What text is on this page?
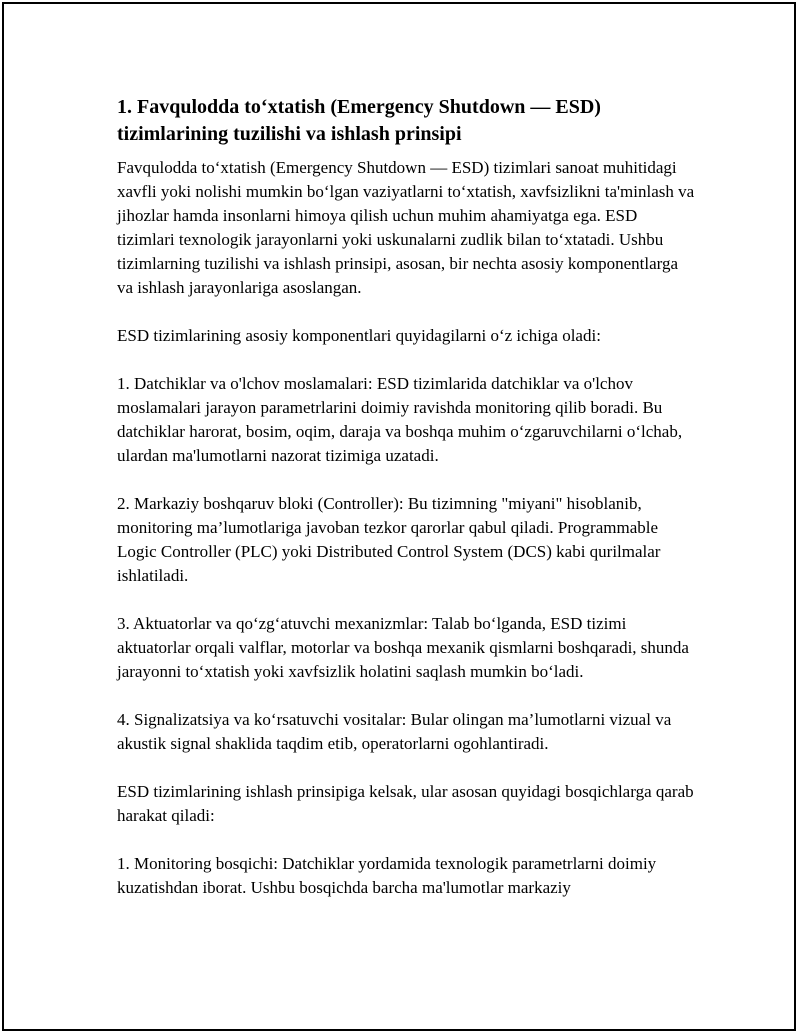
1. Favqulodda to‘xtatish (Emergency Shutdown — ESD) tizimlarining tuzilishi va ishlash prinsipi

Favqulodda to‘xtatish (Emergency Shutdown — ESD) tizimlari sanoat muhitidagi xavfli yoki nolishi mumkin bo‘lgan vaziyatlarni to‘xtatish, xavfsizlikni ta'minlash va jihozlar hamda insonlarni himoya qilish uchun muhim ahamiyatga ega. ESD tizimlari texnologik jarayonlarni yoki uskunalarni zudlik bilan to‘xtatadi. Ushbu tizimlarning tuzilishi va ishlash prinsipi, asosan, bir nechta asosiy komponentlarga va ishlash jarayonlariga asoslangan.

ESD tizimlarining asosiy komponentlari quyidagilarni o‘z ichiga oladi:

1. Datchiklar va o'lchov moslamalari: ESD tizimlarida datchiklar va o'lchov moslamalari jarayon parametrlarini doimiy ravishda monitoring qilib boradi. Bu datchiklar harorat, bosim, oqim, daraja va boshqa muhim o‘zgaruvchilarni o‘lchab, ulardan ma'lumotlarni nazorat tizimiga uzatadi.

2. Markaziy boshqaruv bloki (Controller): Bu tizimning "miyani" hisoblanib, monitoring ma’lumotlariga javoban tezkor qarorlar qabul qiladi. Programmable Logic Controller (PLC) yoki Distributed Control System (DCS) kabi qurilmalar ishlatiladi.

3. Aktuatorlar va qo‘zg‘atuvchi mexanizmlar: Talab bo‘lganda, ESD tizimi aktuatorlar orqali valflar, motorlar va boshqa mexanik qismlarni boshqaradi, shunda jarayonni to‘xtatish yoki xavfsizlik holatini saqlash mumkin bo‘ladi.

4. Signalizatsiya va ko‘rsatuvchi vositalar: Bular olingan ma’lumotlarni vizual va akustik signal shaklida taqdim etib, operatorlarni ogohlantiradi.

ESD tizimlarining ishlash prinsipiga kelsak, ular asosan quyidagi bosqichlarga qarab harakat qiladi:

1. Monitoring bosqichi: Datchiklar yordamida texnologik parametrlarni doimiy kuzatishdan iborat. Ushbu bosqichda barcha ma'lumotlar markaziy
